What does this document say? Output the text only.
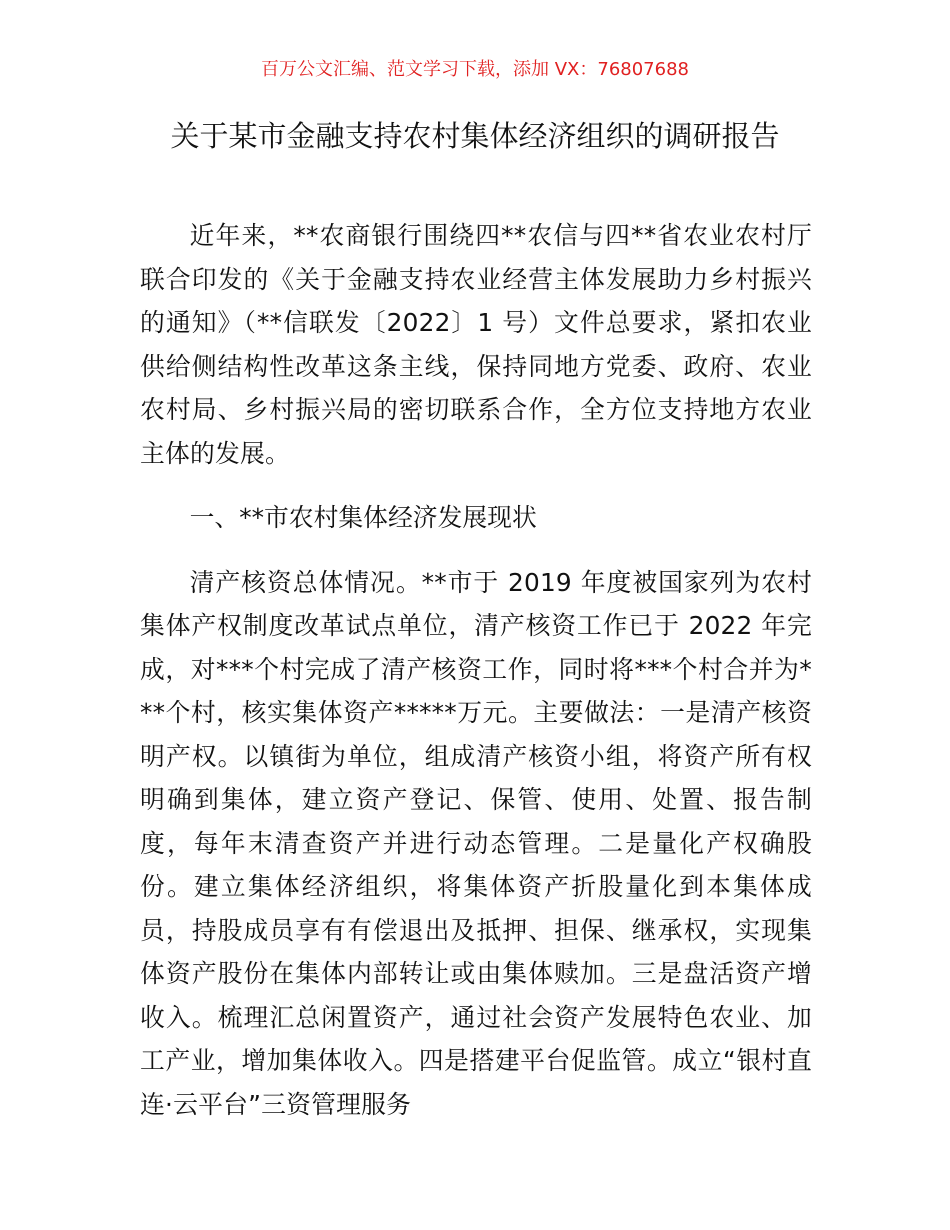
百万公文汇编、范文学习下载，添加 VX：76807688
关于某市金融支持农村集体经济组织的调研报告

近年来，**农商银行围绕四**农信与四**省农业农村厅联合印发的《关于金融支持农业经营主体发展助力乡村振兴的通知》（**信联发〔2022〕1 号）文件总要求，紧扣农业供给侧结构性改革这条主线，保持同地方党委、政府、农业农村局、乡村振兴局的密切联系合作，全方位支持地方农业主体的发展。

一、**市农村集体经济发展现状

清产核资总体情况。**市于 2019 年度被国家列为农村集体产权制度改革试点单位，清产核资工作已于 2022 年完成，对***个村完成了清产核资工作，同时将***个村合并为***个村，核实集体资产*****万元。主要做法：一是清产核资明产权。以镇街为单位，组成清产核资小组，将资产所有权明确到集体，建立资产登记、保管、使用、处置、报告制度，每年末清查资产并进行动态管理。二是量化产权确股份。建立集体经济组织，将集体资产折股量化到本集体成员，持股成员享有有偿退出及抵押、担保、继承权，实现集体资产股份在集体内部转让或由集体赎加。三是盘活资产增收入。梳理汇总闲置资产，通过社会资产发展特色农业、加工产业，增加集体收入。四是搭建平台促监管。成立“银村直连·云平台”三资管理服务
